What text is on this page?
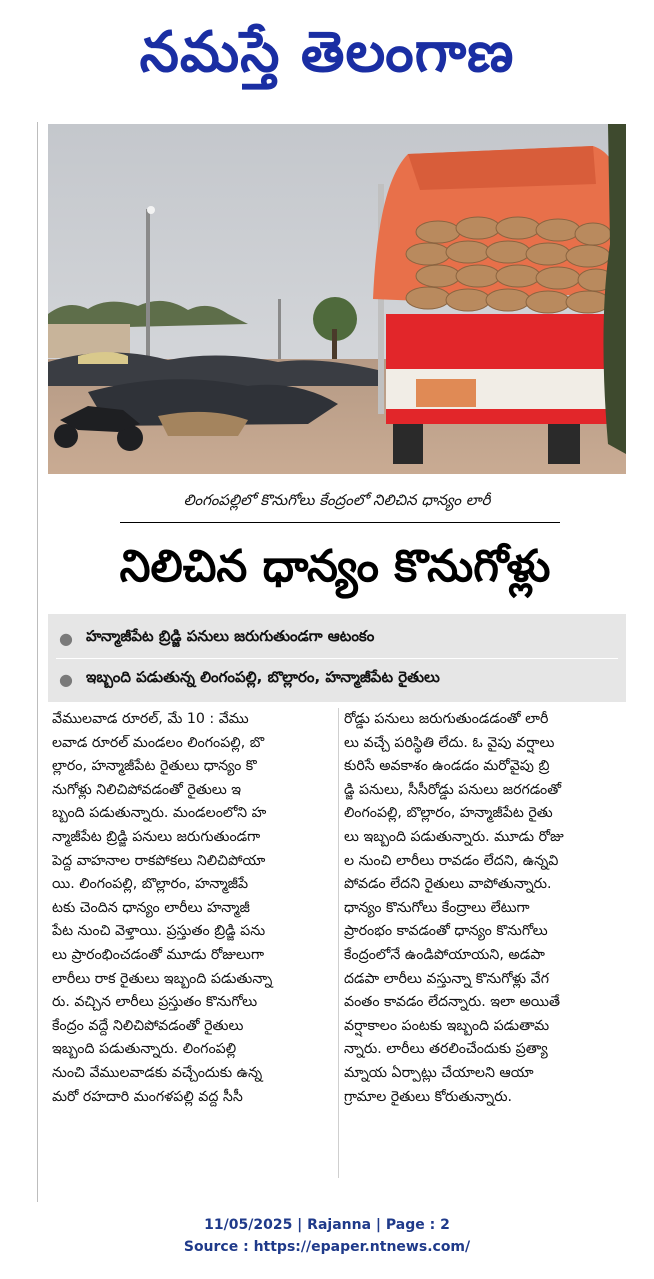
నమస్తే తెలంగాణ
లింగంపల్లిలో కొనుగోలు కేంద్రంలో నిలిచిన ధాన్యం లారీ
నిలిచిన ధాన్యం కొనుగోళ్లు
● హన్మాజీపేట బ్రిడ్జి పనులు జరుగుతుండగా ఆటంకం
● ఇబ్బంది పడుతున్న లింగంపల్లి, బొల్లారం, హన్మాజీపేట రైతులు
వేములవాడ రూరల్, మే 10 : వేము
లవాడ రూరల్ మండలం లింగంపల్లి, బొ
ల్లారం, హన్మాజీపేట రైతులు ధాన్యం కొ
నుగోళ్లు నిలిచిపోవడంతో రైతులు ఇ
బ్బంది పడుతున్నారు. మండలంలోని హ
న్మాజీపేట బ్రిడ్జి పనులు జరుగుతుండగా
పెద్ద వాహనాల రాకపోకలు నిలిచిపోయా
యి. లింగంపల్లి, బొల్లారం, హన్మాజీపే
టకు చెందిన ధాన్యం లారీలు హన్మాజీ
పేట నుంచి వెళ్తాయి. ప్రస్తుతం బ్రిడ్జి పను
లు ప్రారంభించడంతో మూడు రోజులుగా
లారీలు రాక రైతులు ఇబ్బంది పడుతున్నా
రు. వచ్చిన లారీలు ప్రస్తుతం కొనుగోలు
కేంద్రం వద్దే నిలిచిపోవడంతో రైతులు
ఇబ్బంది పడుతున్నారు. లింగంపల్లి
నుంచి వేములవాడకు వచ్చేందుకు ఉన్న
మరో రహదారి మంగళపల్లి వద్ద సీసీ
రోడ్డు పనులు జరుగుతుండడంతో లారీ
లు వచ్చే పరిస్థితి లేదు. ఓ వైపు వర్షాలు
కురిసే అవకాశం ఉండడం మరోవైపు బ్రి
డ్జి పనులు, సీసీరోడ్డు పనులు జరగడంతో
లింగంపల్లి, బొల్లారం, హన్మాజీపేట రైతు
లు ఇబ్బంది పడుతున్నారు. మూడు రోజు
ల నుంచి లారీలు రావడం లేదని, ఉన్నవి
పోవడం లేదని రైతులు వాపోతున్నారు.
ధాన్యం కొనుగోలు కేంద్రాలు లేటుగా
ప్రారంభం కావడంతో ధాన్యం కొనుగోలు
కేంద్రంలోనే ఉండిపోయాయని, అడపా
దడపా లారీలు వస్తున్నా కొనుగోళ్లు వేగ
వంతం కావడం లేదన్నారు. ఇలా అయితే
వర్షాకాలం పంటకు ఇబ్బంది పడుతామ
న్నారు. లారీలు తరలించేందుకు ప్రత్యా
మ్నాయ ఏర్పాట్లు చేయాలని ఆయా
గ్రామాల రైతులు కోరుతున్నారు.
11/05/2025 | Rajanna | Page : 2
Source : https://epaper.ntnews.com/
